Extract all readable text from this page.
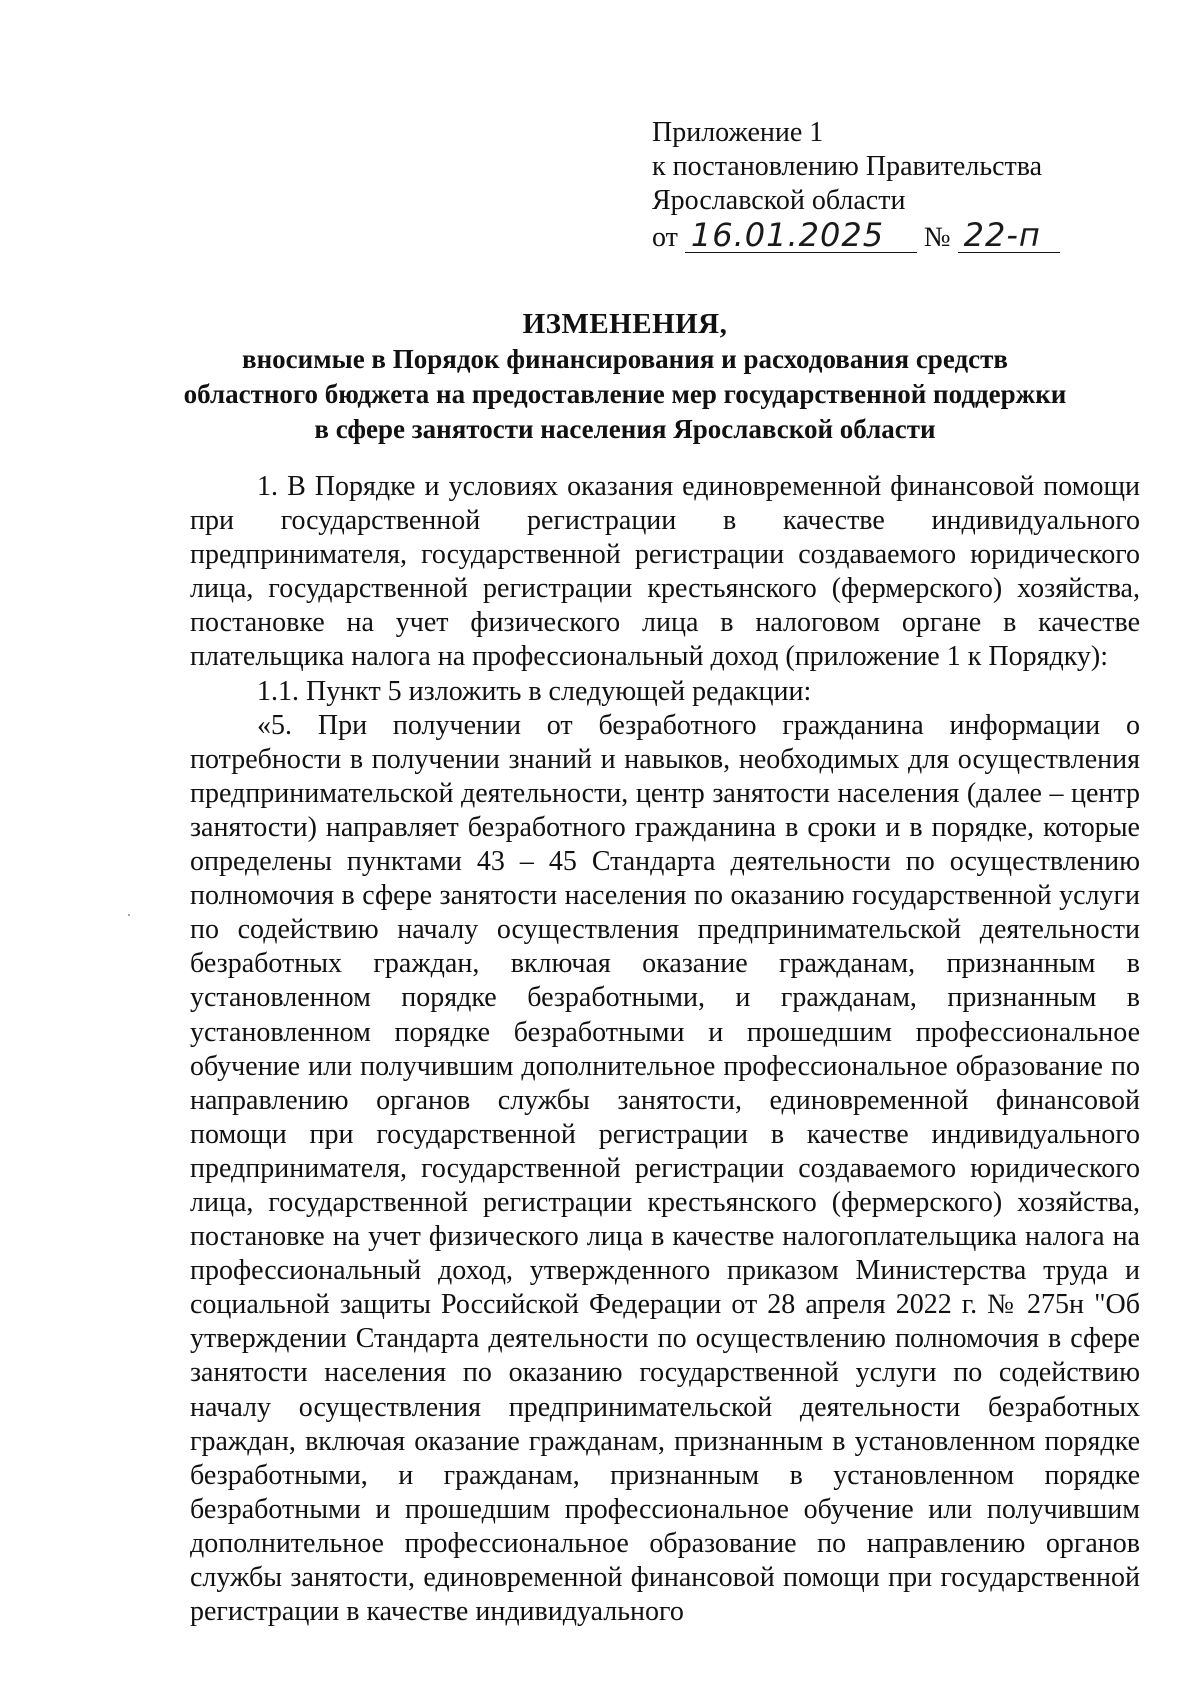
Приложение 1
к постановлению Правительства
Ярославской области
от 16.01.2025 № 22-п
ИЗМЕНЕНИЯ,
вносимые в Порядок финансирования и расходования средств
областного бюджета на предоставление мер государственной поддержки
в сфере занятости населения Ярославской области

1. В Порядке и условиях оказания единовременной финансовой помощи при государственной регистрации в качестве индивидуального предпринимателя, государственной регистрации создаваемого юридического лица, государственной регистрации крестьянского (фермерского) хозяйства, постановке на учет физического лица в налоговом органе в качестве плательщика налога на профессиональный доход (приложение 1 к Порядку):

1.1. Пункт 5 изложить в следующей редакции:

«5. При получении от безработного гражданина информации о потребности в получении знаний и навыков, необходимых для осуществления предпринимательской деятельности, центр занятости населения (далее – центр занятости) направляет безработного гражданина в сроки и в порядке, которые определены пунктами 43 – 45 Стандарта деятельности по осуществлению полномочия в сфере занятости населения по оказанию государственной услуги по содействию началу осуществления предпринимательской деятельности безработных граждан, включая оказание гражданам, признанным в установленном порядке безработными, и гражданам, признанным в установленном порядке безработными и прошедшим профессиональное обучение или получившим дополнительное профессиональное образование по направлению органов службы занятости, единовременной финансовой помощи при государственной регистрации в качестве индивидуального предпринимателя, государственной регистрации создаваемого юридического лица, государственной регистрации крестьянского (фермерского) хозяйства, постановке на учет физического лица в качестве налогоплательщика налога на профессиональный доход, утвержденного приказом Министерства труда и социальной защиты Российской Федерации от 28 апреля 2022 г. № 275н "Об утверждении Стандарта деятельности по осуществлению полномочия в сфере занятости населения по оказанию государственной услуги по содействию началу осуществления предпринимательской деятельности безработных граждан, включая оказание гражданам, признанным в установленном порядке безработными, и гражданам, признанным в установленном порядке безработными и прошедшим профессиональное обучение или получившим дополнительное профессиональное образование по направлению органов службы занятости, единовременной финансовой помощи при государственной регистрации в качестве индивидуального
